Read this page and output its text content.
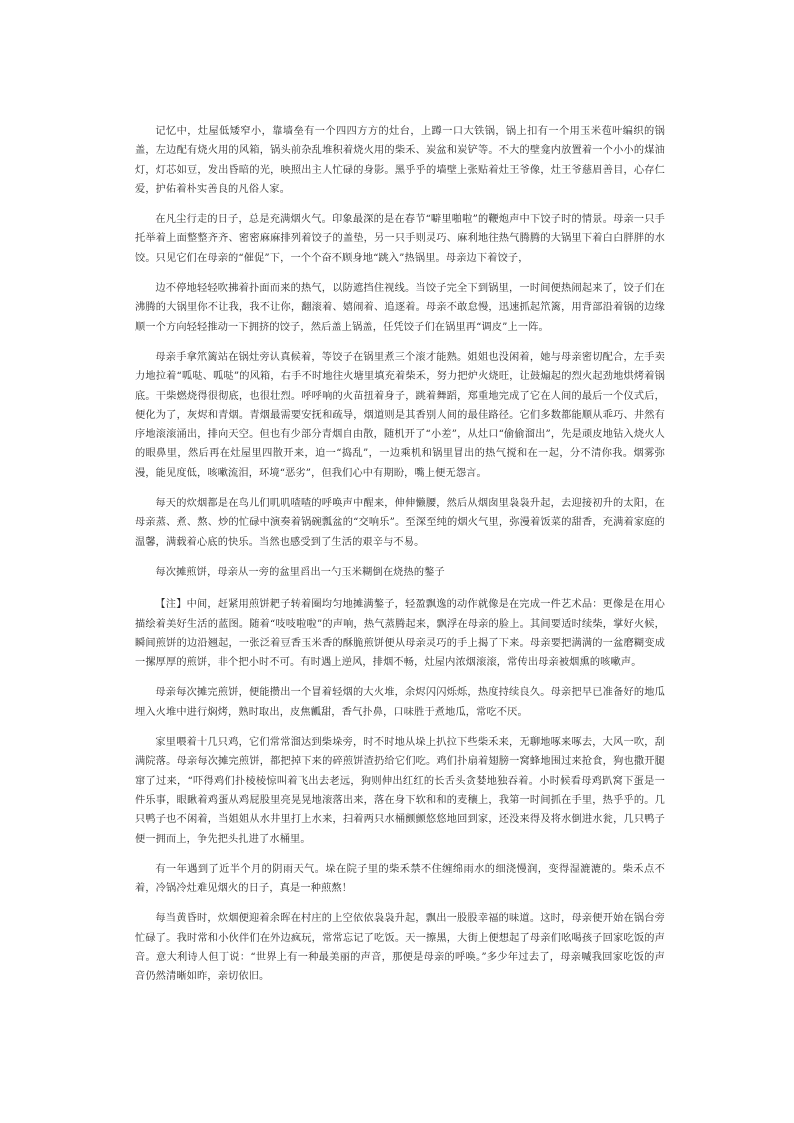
记忆中，灶屋低矮窄小，靠墙垒有一个四四方方的灶台，上蹲一口大铁锅，锅上扣有一个用玉米苞叶编织的锅盖，左边配有烧火用的风箱，锅头前杂乱堆积着烧火用的柴禾、炭盆和炭铲等。不大的壁龛内放置着一个小小的煤油灯，灯芯如豆，发出昏暗的光，映照出主人忙碌的身影。黑乎乎的墙壁上张贴着灶王爷像，灶王爷慈眉善目，心存仁爱，护佑着朴实善良的凡俗人家。

在凡尘行走的日子，总是充满烟火气。印象最深的是在春节“噼里啪啦”的鞭炮声中下饺子时的情景。母亲一只手托举着上面整整齐齐、密密麻麻排列着饺子的盖垫，另一只手则灵巧、麻利地往热气腾腾的大锅里下着白白胖胖的水饺。只见它们在母亲的“催促”下，一个个奋不顾身地“跳入”热锅里。母亲边下着饺子，

边不停地轻轻吹拂着扑面而来的热气，以防遮挡住视线。当饺子完全下到锅里，一时间便热闹起来了，饺子们在沸腾的大锅里你不让我，我不让你，翻滚着、嬉闹着、追逐着。母亲不敢怠慢，迅速抓起笊篱，用背部沿着锅的边缘顺一个方向轻轻推动一下拥挤的饺子，然后盖上锅盖，任凭饺子们在锅里再“调皮”上一阵。

母亲手拿笊篱站在锅灶旁认真候着，等饺子在锅里煮三个滚才能熟。姐姐也没闲着，她与母亲密切配合，左手卖力地拉着“呱哒、呱哒”的风箱，右手不时地往火塘里填充着柴禾，努力把炉火烧旺，让鼓煽起的烈火起劲地烘烤着锅底。干柴燃烧得很彻底，也很壮烈。呼呼响的火苗扭着身子，跳着舞蹈，郑重地完成了它在人间的最后一个仪式后，便化为了，灰烬和青烟。青烟最需要安抚和疏导，烟道则是其香别人间的最佳路径。它们多数都能顺从乖巧、井然有序地滚滚涌出，排向天空。但也有少部分青烟自由散，随机开了“小差”，从灶口“偷偷溜出”，先是顽皮地钻入烧火人的眼鼻里，然后再在灶屋里四散开来，迫一“捣乱”，一边乘机和锅里冒出的热气搅和在一起，分不清你我。烟雾弥漫，能见度低，咳嗽流泪，环境“恶劣”，但我们心中有期盼，嘴上便无怨言。

每天的炊烟都是在鸟儿们叽叽喳喳的呼唤声中醒来，伸伸懒腰，然后从烟囱里袅袅升起，去迎接初升的太阳，在母亲蒸、煮、熬、炒的忙碌中演奏着锅碗瓢盆的“交响乐”。至深至纯的烟火气里，弥漫着饭菜的甜香，充满着家庭的温馨，满载着心底的快乐。当然也感受到了生活的艰辛与不易。

每次摊煎饼，母亲从一旁的盆里舀出一勺玉米糊倒在烧热的鏊子

【注】中间，赶紧用煎饼耙子转着圈均匀地摊满鏊子，轻盈飘逸的动作就像是在完成一件艺术品：更像是在用心描绘着美好生活的蓝图。随着“吱吱啦啦”的声响，热气蒸腾起来，飘浮在母亲的脸上。其间要适时续柴，掌好火候，瞬间煎饼的边沿翘起，一张泛着豆香玉米香的酥脆煎饼便从母亲灵巧的手上揭了下来。母亲要把满满的一盆磨糊变成一摞厚厚的煎饼，非个把小时不可。有时遇上逆风，排烟不畅，灶屋内浓烟滚滚，常传出母亲被烟熏的咳嗽声。

母亲每次摊完煎饼，便能攒出一个冒着轻烟的大火堆，余烬闪闪烁烁，热度持续良久。母亲把早已准备好的地瓜埋入火堆中进行焖烤，熟时取出，皮焦瓤甜，香气扑鼻，口味胜于煮地瓜，常吃不厌。

家里喂着十几只鸡，它们常常溜达到柴垛旁，时不时地从垛上扒拉下些柴禾来，无聊地啄来啄去，大风一吹，刮满院落。母亲每次摊完煎饼，都把掉下来的碎煎饼渣扔给它们吃。鸡们扑扇着翅膀一窝蜂地围过来抢食，狗也撒开腿窜了过来，“吓得鸡们扑棱棱惊叫着飞出去老远，狗则伸出红红的长舌头贪婪地独吞着。小时候看母鸡趴窝下蛋是一件乐事，眼瞅着鸡蛋从鸡屁股里亮晃晃地滚落出来，落在身下软和和的麦穰上，我第一时间抓在手里，热乎乎的。几只鸭子也不闲着，当姐姐从水井里打上水来，扫着两只水桶颤颤悠悠地回到家，还没来得及将水倒进水瓮，几只鸭子便一拥而上，争先把头扎进了水桶里。

有一年遇到了近半个月的阴雨天气。垛在院子里的柴禾禁不住缠绵雨水的细浇慢润，变得湿漉漉的。柴禾点不着，冷锅冷灶难见烟火的日子，真是一种煎熬！

每当黄昏时，炊烟便迎着余晖在村庄的上空依依袅袅升起，飘出一股股幸福的味道。这时，母亲便开始在锅台旁忙碌了。我时常和小伙伴们在外边疯玩，常常忘记了吃饭。天一擦黑，大街上便想起了母亲们吆喝孩子回家吃饭的声音。意大利诗人但丁说：“世界上有一种最美丽的声音，那便是母亲的呼唤。”多少年过去了，母亲喊我回家吃饭的声音仍然清晰如昨，亲切依旧。
